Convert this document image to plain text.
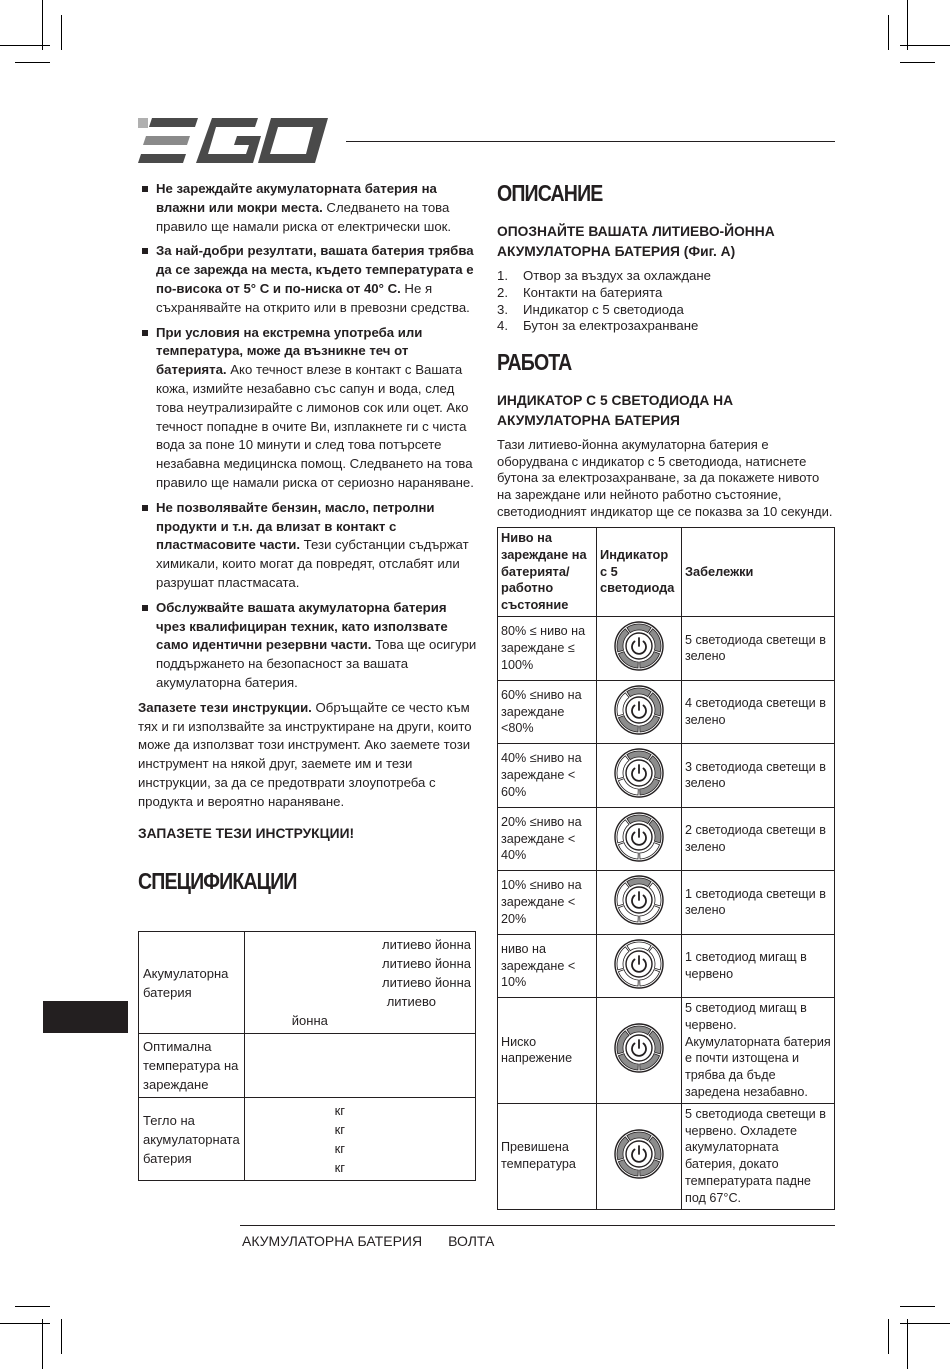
Не зареждайте акумулаторната батерия на влажни или мокри места. Следването на това правило ще намали риска от електрически шок.
За най-добри резултати, вашата батерия трябва да се зарежда на места, където температурата е по-висока от 5° C и по-ниска от 40° C. Не я съхранявайте на открито или в превозни средства.
При условия на екстремна употреба или температура, може да възникне теч от батерията. Ако течност влезе в контакт с Вашата кожа, измийте незабавно със сапун и вода, след това неутрализирайте с лимонов сок или оцет. Ако течност попадне в очите Ви, изплакнете ги с чиста вода за поне 10 минути и след това потърсете незабавна медицинска помощ. Следването на това правило ще намали риска от сериозно нараняване.
Не позволявайте бензин, масло, петролни продукти и т.н. да влизат в контакт с пластмасовите части. Тези субстанции съдържат химикали, които могат да повредят, отслабят или разрушат пластмасата.
Обслужвайте вашата акумулаторна батерия чрез квалифициран техник, като използвате само идентични резервни части. Това ще осигури поддържането на безопасност за вашата акумулаторна батерия.
Запазете тези инструкции. Обръщайте се често към тях и ги използвайте за инструктиране на други, които може да използват този инструмент. Ако заемете този инструмент на някой друг, заемете им и тези инструкции, за да се предотврати злоупотреба с продукта и вероятно нараняване.
ЗАПАЗЕТЕ ТЕЗИ ИНСТРУКЦИИ!
СПЕЦИФИКАЦИИ
Акумулаторна батерия	литиево йонна
литиево йонна
литиево йонна
литиево
йонна

Оптимална температура на зареждане	
Тегло на акумулаторната батерия	кг
кг
кг
кг
ОПИСАНИЕ
ОПОЗНАЙТЕ ВАШАТА ЛИТИЕВО-ЙОННА АКУМУЛАТОРНА БАТЕРИЯ (Фиг. А)
1.	Отвор за въздух за охлаждане
2.	Контакти на батерията
3.	Индикатор с 5 светодиода
4.	Бутон за електрозахранване
РАБОТА
ИНДИКАТОР С 5 СВЕТОДИОДА НА АКУМУЛАТОРНА БАТЕРИЯ
Тази литиево-йонна акумулаторна батерия е оборудвана с индикатор с 5 светодиода, натиснете бутона за електрозахранване, за да покажете нивото на зареждане или нейното работно състояние, светодиодният индикатор ще се показва за 10 секунди.
Ниво на зареждане на батерията/ работно състояние	Индикатор с 5 светодиода	Забележки
80% ≤ ниво на зареждане ≤ 100%		5 светодиода светещи в зелено
60% ≤ниво на зареждане <80%		4 светодиода светещи в зелено
40% ≤ниво на зареждане < 60%		3 светодиода светещи в зелено
20% ≤ниво на зареждане < 40%		2 светодиода светещи в зелено
10% ≤ниво на зареждане < 20%		1 светодиода светещи в зелено
ниво на зареждане < 10%		1 светодиод мигащ в червено
Ниско напрежение		5 светодиод мигащ в червено. Акумулаторната батерия е почти изтощена и трябва да бъде заредена незабавно.
Превишена температура		5 светодиода светещи в червено. Охладете акумулаторната батерия, докато температурата падне под 67°C.
АКУМУЛАТОРНА БАТЕРИЯ ВОЛТА
